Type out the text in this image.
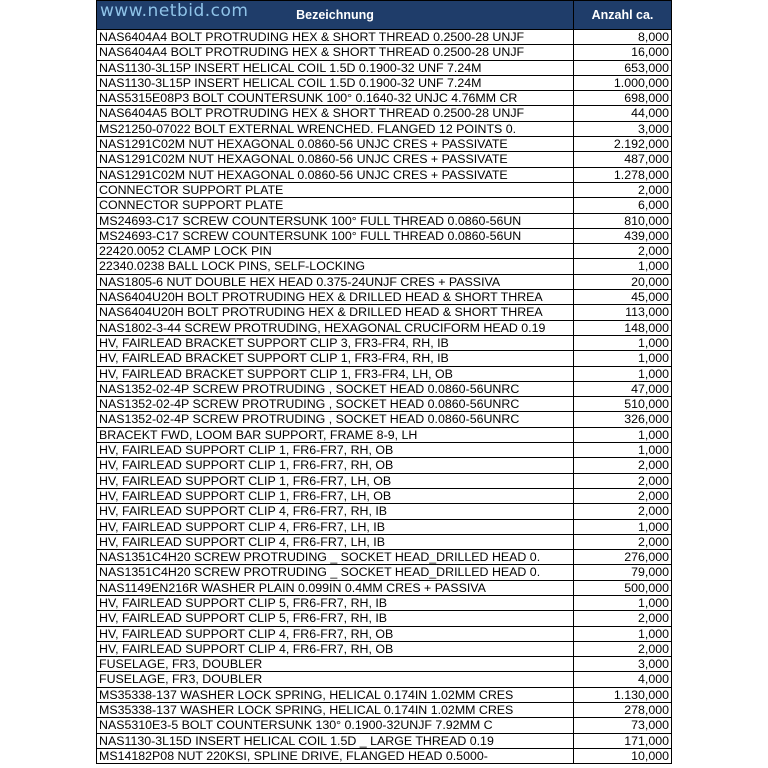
www.netbid.com	Bezeichnung	Anzahl ca.
NAS6404A4 BOLT PROTRUDING HEX & SHORT THREAD 0.2500-28 UNJF	8,000
NAS6404A4 BOLT PROTRUDING HEX & SHORT THREAD 0.2500-28 UNJF	16,000
NAS1130-3L15P INSERT HELICAL COIL 1.5D 0.1900-32 UNF 7.24M	653,000
NAS1130-3L15P INSERT HELICAL COIL 1.5D 0.1900-32 UNF 7.24M	1.000,000
NAS5315E08P3 BOLT COUNTERSUNK 100° 0.1640-32 UNJC 4.76MM CR	698,000
NAS6404A5 BOLT PROTRUDING HEX & SHORT THREAD 0.2500-28 UNJF	44,000
MS21250-07022 BOLT EXTERNAL WRENCHED. FLANGED 12 POINTS 0.	3,000
NAS1291C02M NUT HEXAGONAL 0.0860-56 UNJC CRES + PASSIVATE	2.192,000
NAS1291C02M NUT HEXAGONAL 0.0860-56 UNJC CRES + PASSIVATE	487,000
NAS1291C02M NUT HEXAGONAL 0.0860-56 UNJC CRES + PASSIVATE	1.278,000
CONNECTOR SUPPORT PLATE	2,000
CONNECTOR SUPPORT PLATE	6,000
MS24693-C17 SCREW COUNTERSUNK 100° FULL THREAD 0.0860-56UN	810,000
MS24693-C17 SCREW COUNTERSUNK 100° FULL THREAD 0.0860-56UN	439,000
22420.0052 CLAMP LOCK PIN	2,000
22340.0238 BALL LOCK PINS, SELF-LOCKING	1,000
NAS1805-6 NUT DOUBLE HEX HEAD 0.375-24UNJF CRES + PASSIVA	20,000
NAS6404U20H BOLT PROTRUDING HEX & DRILLED HEAD & SHORT THREA	45,000
NAS6404U20H BOLT PROTRUDING HEX & DRILLED HEAD & SHORT THREA	113,000
NAS1802-3-44 SCREW PROTRUDING, HEXAGONAL CRUCIFORM HEAD 0.19	148,000
HV, FAIRLEAD BRACKET SUPPORT CLIP 3, FR3-FR4, RH, IB	1,000
HV, FAIRLEAD BRACKET SUPPORT CLIP 1, FR3-FR4, RH, IB	1,000
HV, FAIRLEAD BRACKET SUPPORT CLIP 1, FR3-FR4, LH, OB	1,000
NAS1352-02-4P SCREW PROTRUDING , SOCKET HEAD 0.0860-56UNRC	47,000
NAS1352-02-4P SCREW PROTRUDING , SOCKET HEAD 0.0860-56UNRC	510,000
NAS1352-02-4P SCREW PROTRUDING , SOCKET HEAD 0.0860-56UNRC	326,000
BRACEKT FWD, LOOM BAR SUPPORT, FRAME 8-9, LH	1,000
HV, FAIRLEAD SUPPORT CLIP 1, FR6-FR7, RH, OB	1,000
HV, FAIRLEAD SUPPORT CLIP 1, FR6-FR7, RH, OB	2,000
HV, FAIRLEAD SUPPORT CLIP 1, FR6-FR7, LH, OB	2,000
HV, FAIRLEAD SUPPORT CLIP 1, FR6-FR7, LH, OB	2,000
HV, FAIRLEAD SUPPORT CLIP 4, FR6-FR7, RH, IB	2,000
HV, FAIRLEAD SUPPORT CLIP 4, FR6-FR7, LH, IB	1,000
HV, FAIRLEAD SUPPORT CLIP 4, FR6-FR7, LH, IB	2,000
NAS1351C4H20 SCREW PROTRUDING _ SOCKET HEAD_DRILLED HEAD 0.	276,000
NAS1351C4H20 SCREW PROTRUDING _ SOCKET HEAD_DRILLED HEAD 0.	79,000
NAS1149EN216R WASHER PLAIN 0.099IN 0.4MM CRES + PASSIVA	500,000
HV, FAIRLEAD SUPPORT CLIP 5, FR6-FR7, RH, IB	1,000
HV, FAIRLEAD SUPPORT CLIP 5, FR6-FR7, RH, IB	2,000
HV, FAIRLEAD SUPPORT CLIP 4, FR6-FR7, RH, OB	1,000
HV, FAIRLEAD SUPPORT CLIP 4, FR6-FR7, RH, OB	2,000
FUSELAGE, FR3, DOUBLER	3,000
FUSELAGE, FR3, DOUBLER	4,000
MS35338-137 WASHER LOCK SPRING, HELICAL 0.174IN 1.02MM CRES	1.130,000
MS35338-137 WASHER LOCK SPRING, HELICAL 0.174IN 1.02MM CRES	278,000
NAS5310E3-5 BOLT COUNTERSUNK 130° 0.1900-32UNJF 7.92MM C	73,000
NAS1130-3L15D INSERT HELICAL COIL 1.5D _ LARGE THREAD 0.19	171,000
MS14182P08 NUT 220KSI, SPLINE DRIVE, FLANGED HEAD 0.5000-	10,000
